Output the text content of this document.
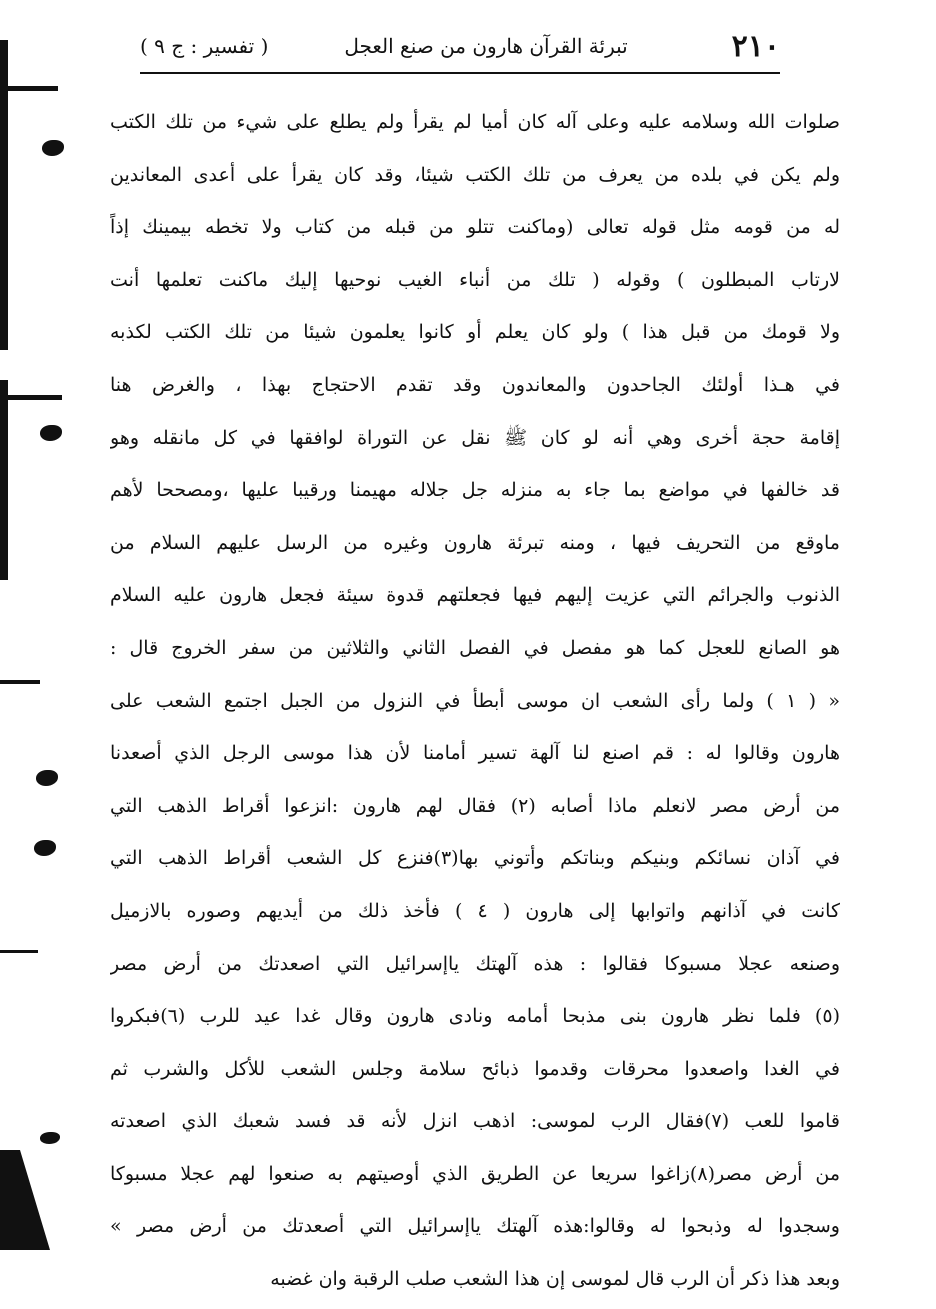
٢١٠
تبرئة القرآن هارون من صنع العجل
( تفسير : ج ٩ )
صلوات الله وسلامه عليه وعلى آله كان أميا لم يقرأ ولم يطلع على شيء من تلك الكتب
ولم يكن في بلده من يعرف من تلك الكتب شيئا، وقد كان يقرأ على أعدى المعاندين
له من قومه مثل قوله تعالى (وماكنت تتلو من قبله من كتاب ولا تخطه بيمينك إذاً
لارتاب المبطلون ) وقوله ( تلك من أنباء الغيب نوحيها إليك ماكنت تعلمها أنت
ولا قومك من قبل هذا ) ولو كان يعلم أو كانوا يعلمون شيئا من تلك الكتب لكذبه
في هـذا أولئك الجاحدون والمعاندون وقد تقدم الاحتجاج بهذا ، والغرض هنا
إقامة حجة أخرى وهي أنه لو كان ﷺ نقل عن التوراة لوافقها في كل مانقله وهو
قد خالفها في مواضع بما جاء به منزله جل جلاله مهيمنا ورقيبا عليها ،ومصححا لأهم
ماوقع من التحريف فيها ، ومنه تبرئة هارون وغيره من الرسل عليهم السلام من
الذنوب والجرائم التي عزيت إليهم فيها فجعلتهم قدوة سيئة فجعل هارون عليه السلام
هو الصانع للعجل كما هو مفصل في الفصل الثاني والثلاثين من سفر الخروج قال :
« ( ١ ) ولما رأى الشعب ان موسى أبطأ في النزول من الجبل اجتمع الشعب على
هارون وقالوا له : قم اصنع لنا آلهة تسير أمامنا لأن هذا موسى الرجل الذي أصعدنا
من أرض مصر لانعلم ماذا أصابه (٢) فقال لهم هارون :انزعوا أقراط الذهب التي
في آذان نسائكم وبنيكم وبناتكم وأتوني بها(٣)فنزع كل الشعب أقراط الذهب التي
كانت في آذانهم واتوابها إلى هارون ( ٤ ) فأخذ ذلك من أيديهم وصوره بالازميل
وصنعه عجلا مسبوكا فقالوا : هذه آلهتك ياإسرائيل التي اصعدتك من أرض مصر
(٥) فلما نظر هارون بنى مذبحا أمامه ونادى هارون وقال غدا عيد للرب (٦)فبكروا
في الغدا واصعدوا محرقات وقدموا ذبائح سلامة وجلس الشعب للأكل والشرب ثم
قاموا للعب (٧)فقال الرب لموسى: اذهب انزل لأنه قد فسد شعبك الذي اصعدته
من أرض مصر(٨)زاغوا سريعا عن الطريق الذي أوصيتهم به صنعوا لهم عجلا مسبوكا
وسجدوا له وذبحوا له وقالوا:هذه آلهتك ياإسرائيل التي أصعدتك من أرض مصر »
وبعد هذا ذكر أن الرب قال لموسى إن هذا الشعب صلب الرقبة وان غضبه
